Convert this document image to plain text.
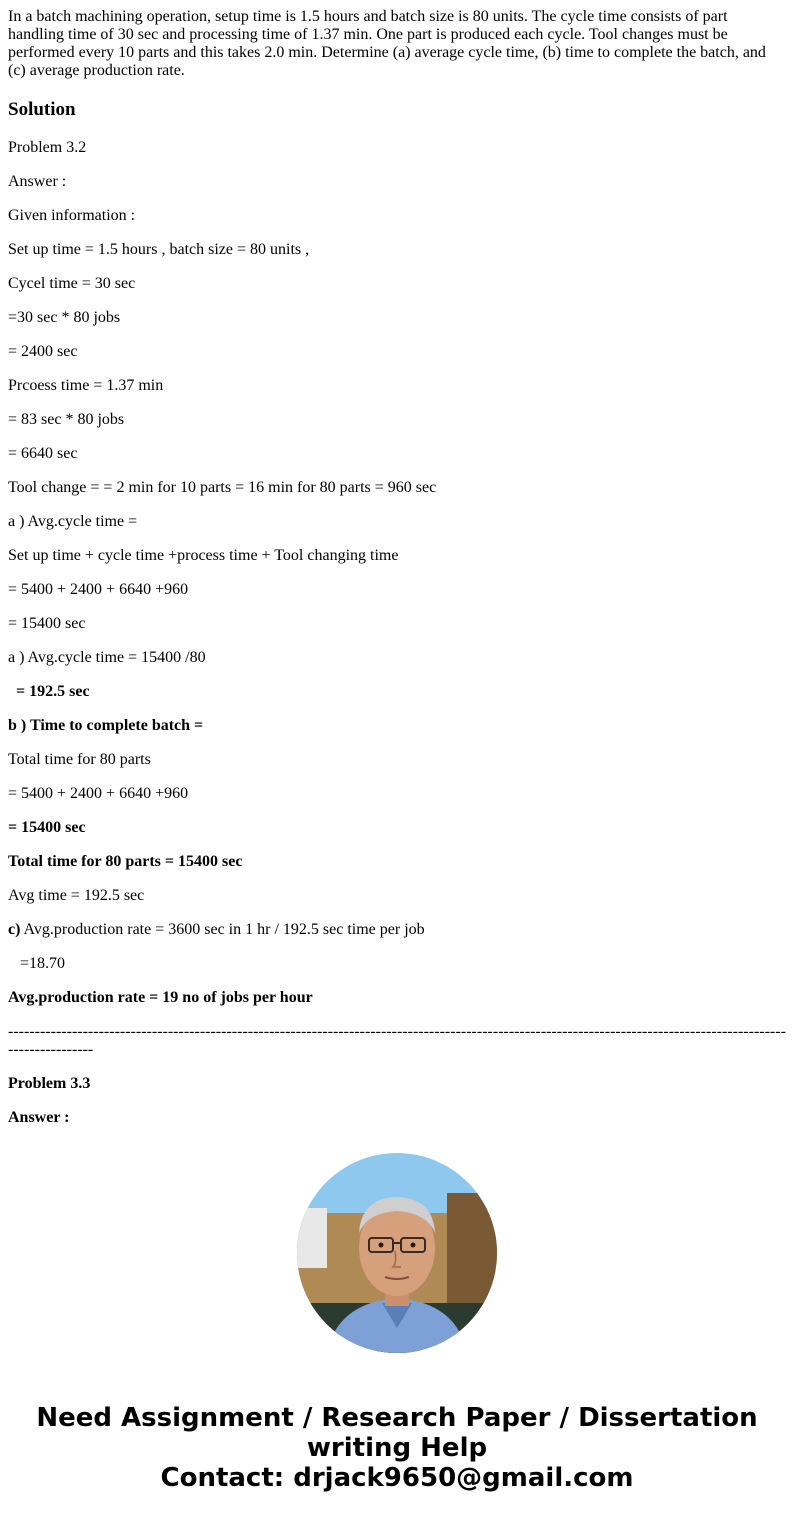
In a batch machining operation, setup time is 1.5 hours and batch size is 80 units. The cycle time consists of part handling time of 30 sec and processing time of 1.37 min. One part is produced each cycle. Tool changes must be performed every 10 parts and this takes 2.0 min. Determine (a) average cycle time, (b) time to complete the batch, and (c) average production rate.

Solution

Problem 3.2

Answer :

Given information :

Set up time = 1.5 hours , batch size = 80 units ,

Cycel time = 30 sec

=30 sec * 80 jobs

= 2400 sec

Prcoess time = 1.37 min

= 83 sec * 80 jobs

= 6640 sec

Tool change = = 2 min for 10 parts = 16 min for 80 parts = 960 sec

a ) Avg.cycle time =

Set up time + cycle time +process time + Tool changing time

= 5400 + 2400 + 6640 +960

= 15400 sec

a ) Avg.cycle time = 15400 /80

= 192.5 sec

b ) Time to complete batch =

Total time for 80 parts

= 5400 + 2400 + 6640 +960

= 15400 sec

Total time for 80 parts = 15400 sec

Avg time = 192.5 sec

c) Avg.production rate = 3600 sec in 1 hr / 192.5 sec time per job

=18.70

Avg.production rate = 19 no of jobs per hour

------------------------------------------------------------------------------------------------------------------------------------------------------------------

Problem 3.3

Answer :

Need Assignment / Research Paper / Dissertation
writing Help
Contact: drjack9650@gmail.com
